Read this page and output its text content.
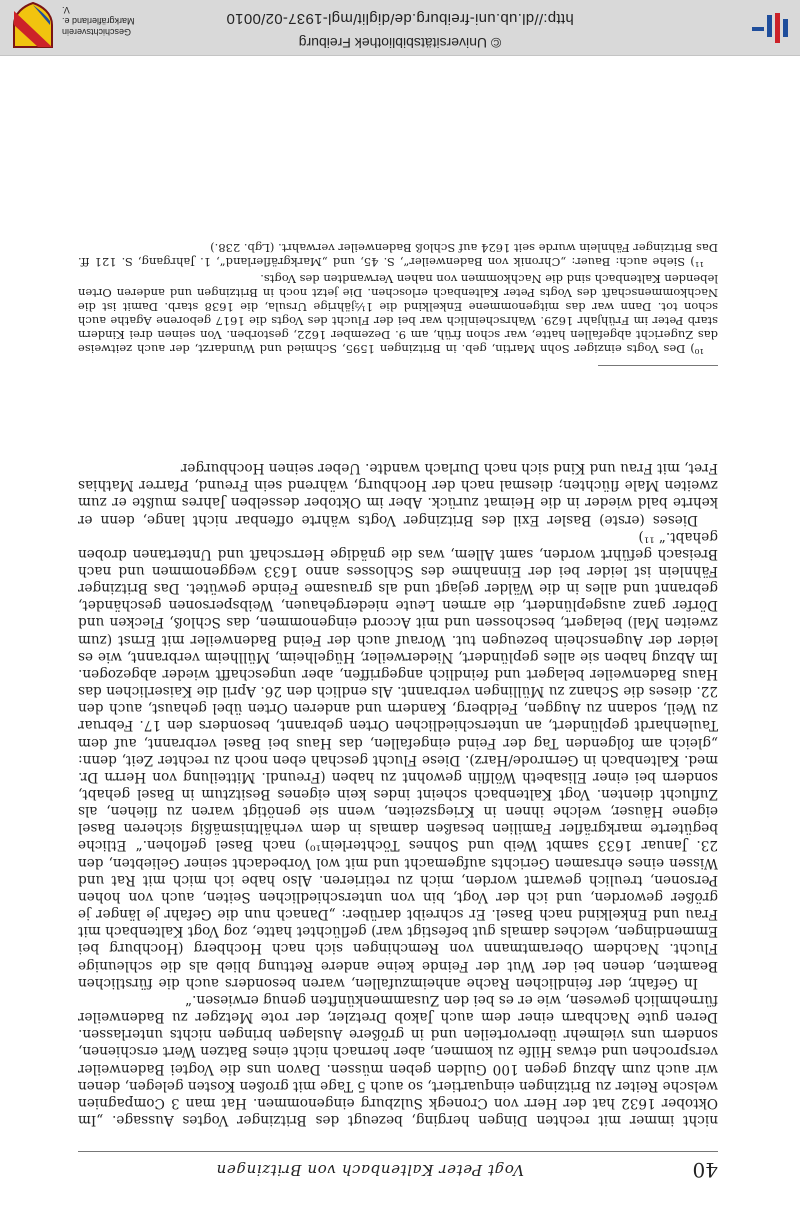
40
Vogt Peter Kaltenbach von Britzingen

nicht immer mit rechten Dingen herging, bezeugt des Britzinger Vogtes Aussage. „Im Oktober 1632 hat der Herr von Cronegk Sulzburg eingenommen. Hat man 3 Compagnien welsche Reiter zu Britzingen einquartiert, so auch 5 Tage mit großen Kosten gelegen, denen wir auch zum Abzug gegen 100 Gulden geben müssen. Davon uns die Vogtei Badenweiler versprochen und etwas Hilfe zu kommen, aber hernach nicht eines Batzen Wert erschienen, sondern uns vielmehr übervorteilen und in größere Auslagen bringen nichts unterlassen. Deren gute Nachbarn einer dem auch Jakob Dretzler, der rote Metzger zu Badenweiler fürnehmlich gewesen, wie er es bei den Zusammenkünften genug erwiesen.“

In Gefahr, der feindlichen Rache anheimzufallen, waren besonders auch die fürstlichen Beamten, denen bei der Wut der Feinde keine andere Rettung blieb als die schleunige Flucht. Nachdem Oberamtmann von Remchingen sich nach Hochberg (Hochburg bei Emmendingen, welches damals gut befestigt war) geflüchtet hatte, zog Vogt Kaltenbach mit Frau und Enkelkind nach Basel. Er schreibt darüber: „Danach nun die Gefahr je länger je größer geworden, und ich der Vogt, bin von unterschiedlichen Seiten, auch von hohen Personen, treulich gewarnt worden, mich zu retirieren. Also habe ich mich mit Rat und Wissen eines ehrsamen Gerichts aufgemacht und mit wol Vorbedacht seiner Geliebten, den 23. Januar 1633 sambt Weib und Sohnes Töchterlein¹⁰) nach Basel geflohen.“ Etliche begüterte markgräfler Familien besaßen damals in dem verhältnismäßig sicheren Basel eigene Häuser, welche ihnen in Kriegszeiten, wenn sie genötigt waren zu fliehen, als Zuflucht dienten. Vogt Kaltenbach scheint indes kein eigenes Besitztum in Basel gehabt, sondern bei einer Elisabeth Wölflin gewohnt zu haben (Freundl. Mitteilung von Herrn Dr. med. Kaltenbach in Gernrode/Harz). Diese Flucht geschah eben noch zu rechter Zeit, denn: „gleich am folgenden Tag der Feind eingefallen, das Haus bei Basel verbrannt, auf dem Taulenhardt geplündert, an unterschiedlichen Orten gebrannt, besonders den 17. Februar zu Weil, sodann zu Auggen, Feldberg, Kandern und anderen Orten übel gehaust, auch den 22. dieses die Schanz zu Müllingen verbrannt. Als endlich den 26. April die Kaiserlichen das Haus Badenweiler belagert und feindlich angegriffen, aber ungeschafft wieder abgezogen. Im Abzug haben sie alles geplündert, Niederweiler, Hügelheim, Müllheim verbrannt, wie es leider der Augenschein bezeugen tut. Worauf auch der Feind Badenweiler mit Ernst (zum zweiten Mal) belagert, beschossen und mit Accord eingenommen, das Schloß, Flecken und Dörfer ganz ausgeplündert, die armen Leute niedergehauen, Weibspersonen geschändet, gebrannt und alles in die Wälder gejagt und als grausame Feinde gewütet. Das Britzinger Fähnlein ist leider bei der Einnahme des Schlosses anno 1633 weggenommen und nach Breisach geführt worden, samt Allem, was die gnädige Herrschaft und Untertanen droben gehabt.“ ¹¹)

Dieses (erste) Basler Exil des Britzinger Vogts währte offenbar nicht lange, denn er kehrte bald wieder in die Heimat zurück. Aber im Oktober desselben Jahres mußte er zum zweiten Male flüchten; diesmal nach der Hochburg, während sein Freund, Pfarrer Mathias Fret, mit Frau und Kind sich nach Durlach wandte. Ueber seinen Hochburger

¹⁰) Des Vogts einziger Sohn Martin, geb. in Britzingen 1595, Schmied und Wundarzt, der auch zeitweise das Zugericht abgefallen hatte, war schon früh, am 9. Dezember 1622, gestorben. Von seinen drei Kindern starb Peter im Frühjahr 1629. Wahrscheinlich war bei der Flucht des Vogts die 1617 geborene Agathe auch schon tot. Dann war das mitgenommene Enkelkind die 1½jährige Ursula, die 1638 starb. Damit ist die Nachkommenschaft des Vogts Peter Kaltenbach erloschen. Die jetzt noch in Britzingen und anderen Orten lebenden Kaltenbach sind die Nachkommen von nahen Verwandten des Vogts.

¹¹) Siehe auch: Bauer: „Chronik von Badenweiler“, S. 45, und „Markgräflerland“, 1. Jahrgang, S. 121 ff. Das Britzinger Fähnlein wurde seit 1624 auf Schloß Badenweiler verwahrt. (Lgb. 238.)

© Universitätsbibliothek Freiburg
http://dl.ub.uni-freiburg.de/diglit/mgl-1937-02/0010
Geschichtsverein Markgräflerland e. V.
